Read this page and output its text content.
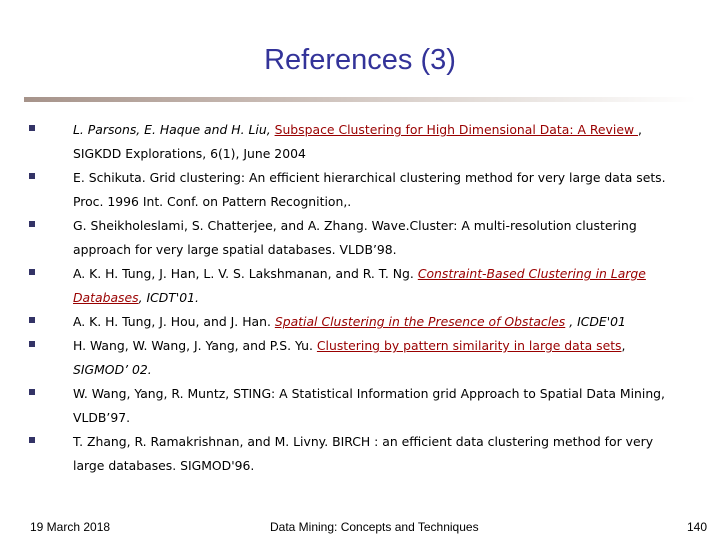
References (3)
L. Parsons, E. Haque and H. Liu, Subspace Clustering for High Dimensional Data: A Review , SIGKDD Explorations, 6(1), June 2004
E. Schikuta. Grid clustering: An efficient hierarchical clustering method for very large data sets. Proc. 1996 Int. Conf. on Pattern Recognition,.
G. Sheikholeslami, S. Chatterjee, and A. Zhang. Wave.Cluster: A multi-resolution clustering approach for very large spatial databases. VLDB’98.
A. K. H. Tung, J. Han, L. V. S. Lakshmanan, and R. T. Ng. Constraint-Based Clustering in Large Databases, ICDT'01.
A. K. H. Tung, J. Hou, and J. Han. Spatial Clustering in the Presence of Obstacles , ICDE'01
H. Wang, W. Wang, J. Yang, and P.S. Yu. Clustering by pattern similarity in large data sets, SIGMOD’ 02.
W. Wang, Yang, R. Muntz, STING: A Statistical Information grid Approach to Spatial Data Mining, VLDB’97.
T. Zhang, R. Ramakrishnan, and M. Livny. BIRCH : an efficient data clustering method for very large databases. SIGMOD'96.
19 March 2018	Data Mining: Concepts and Techniques	140
